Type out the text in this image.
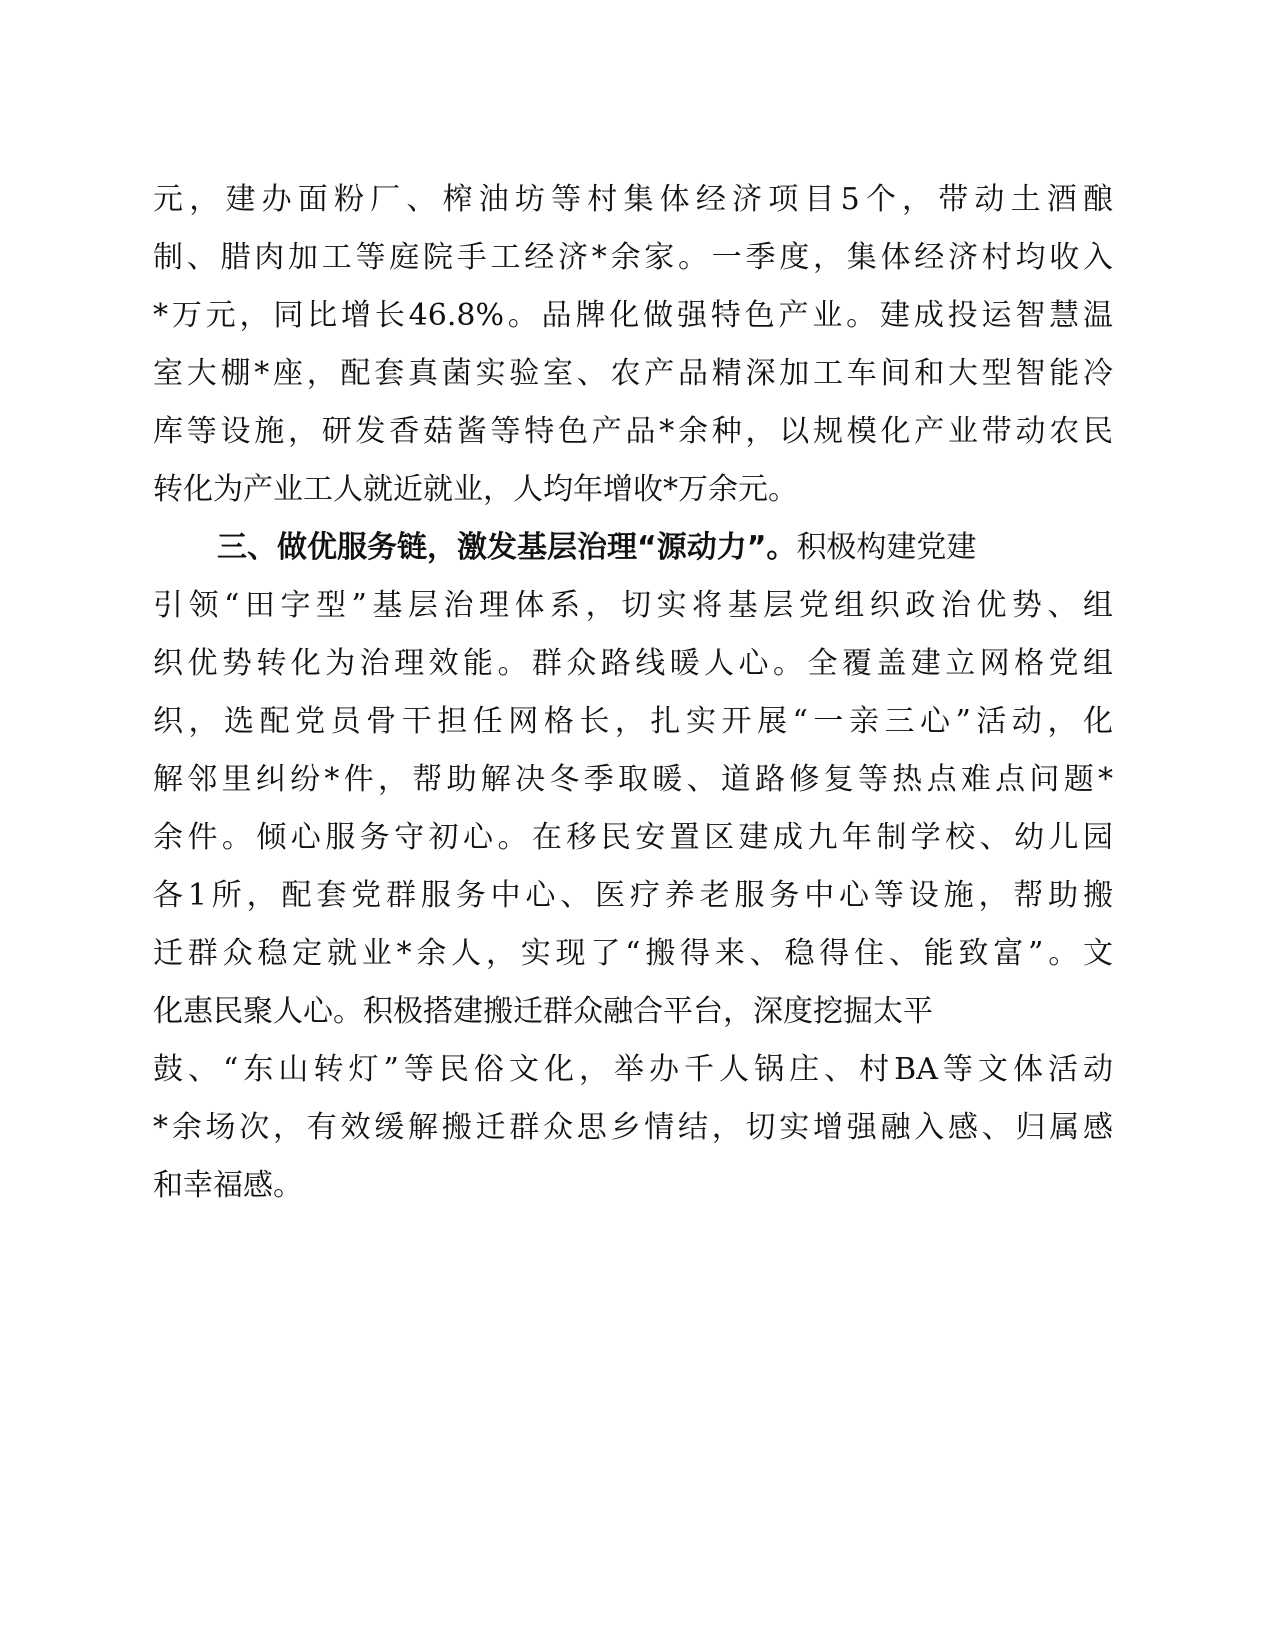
元，建办面粉厂、榨油坊等村集体经济项目5个，带动土酒酿
制、腊肉加工等庭院手工经济*余家。一季度，集体经济村均收入
*万元，同比增长46.8%。品牌化做强特色产业。建成投运智慧温
室大棚*座，配套真菌实验室、农产品精深加工车间和大型智能冷
库等设施，研发香菇酱等特色产品*余种，以规模化产业带动农民
转化为产业工人就近就业，人均年增收*万余元。
三、做优服务链，激发基层治理“源动力”。积极构建党建
引领“田字型”基层治理体系，切实将基层党组织政治优势、组
织优势转化为治理效能。群众路线暖人心。全覆盖建立网格党组
织，选配党员骨干担任网格长，扎实开展“一亲三心”活动，化
解邻里纠纷*件，帮助解决冬季取暖、道路修复等热点难点问题*
余件。倾心服务守初心。在移民安置区建成九年制学校、幼儿园
各1所，配套党群服务中心、医疗养老服务中心等设施，帮助搬
迁群众稳定就业*余人，实现了“搬得来、稳得住、能致富”。文
化惠民聚人心。积极搭建搬迁群众融合平台，深度挖掘太平
鼓、“东山转灯”等民俗文化，举办千人锅庄、村BA等文体活动
*余场次，有效缓解搬迁群众思乡情结，切实增强融入感、归属感
和幸福感。
